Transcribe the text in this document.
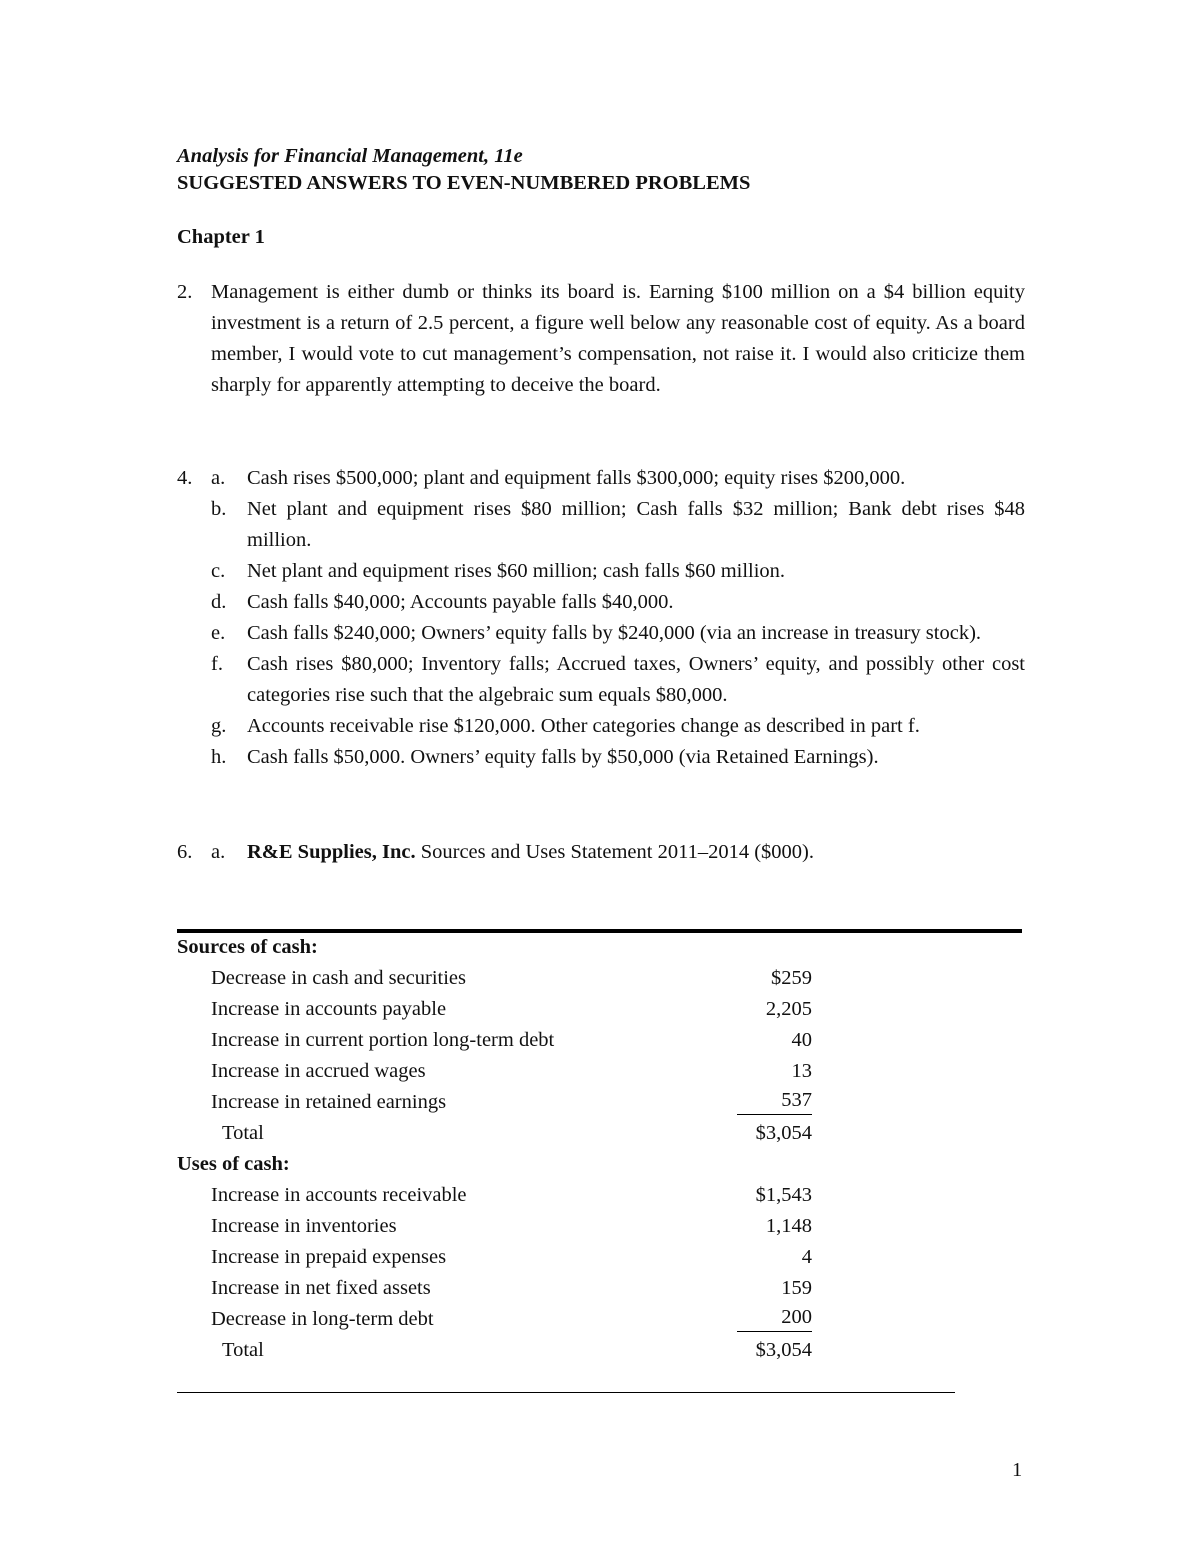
Analysis for Financial Management, 11e
SUGGESTED ANSWERS TO EVEN-NUMBERED PROBLEMS
Chapter 1
2. Management is either dumb or thinks its board is. Earning $100 million on a $4 billion equity investment is a return of 2.5 percent, a figure well below any reasonable cost of equity. As a board member, I would vote to cut management’s compensation, not raise it. I would also criticize them sharply for apparently attempting to deceive the board.
4. a.	Cash rises $500,000; plant and equipment falls $300,000; equity rises $200,000.
b.	Net plant and equipment rises $80 million; Cash falls $32 million; Bank debt rises $48 million.
c.	Net plant and equipment rises $60 million; cash falls $60 million.
d.	Cash falls $40,000; Accounts payable falls $40,000.
e.	Cash falls $240,000; Owners’ equity falls by $240,000 (via an increase in treasury stock).
f.	Cash rises $80,000; Inventory falls; Accrued taxes, Owners’ equity, and possibly other cost categories rise such that the algebraic sum equals $80,000.
g.	Accounts receivable rise $120,000. Other categories change as described in part f.
h.	Cash falls $50,000. Owners’ equity falls by $50,000 (via Retained Earnings).
6. a.	R&E Supplies, Inc. Sources and Uses Statement 2011–2014 ($000).
Sources of cash:
Decrease in cash and securities	$259
Increase in accounts payable	2,205
Increase in current portion long-term debt	40
Increase in accrued wages	13
Increase in retained earnings	537
Total	$3,054
Uses of cash:
Increase in accounts receivable	$1,543
Increase in inventories	1,148
Increase in prepaid expenses	4
Increase in net fixed assets	159
Decrease in long-term debt	200
Total	$3,054
1
